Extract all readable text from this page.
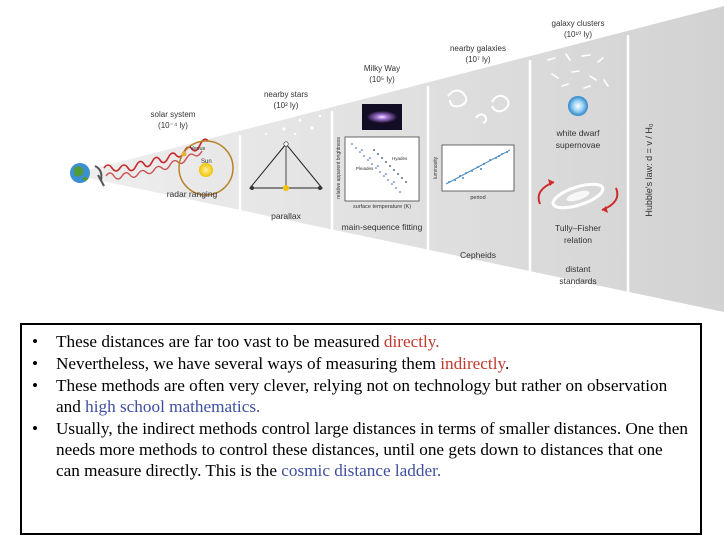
solar system
(10⁻⁴ ly)
Venus
Sun
radar ranging
nearby stars
(10² ly)
parallax
Milky Way
(10⁵ ly)
Pleiades
Hyades
relative apparent brightness
surface temperature (K)
main-sequence fitting
nearby galaxies
(10⁷ ly)
luminosity
period
Cepheids
galaxy clusters
(10¹⁰ ly)
white dwarf
supernovae
Tully–Fisher
relation
distant
standards
Hubble's law: d = v / H₀
• These distances are far too vast to be measured directly.
• Nevertheless, we have several ways of measuring them indirectly.
• These methods are often very clever, relying not on technology but rather on observation and high school mathematics.
• Usually, the indirect methods control large distances in terms of smaller distances. One then needs more methods to control these distances, until one gets down to distances that one can measure directly. This is the cosmic distance ladder.
